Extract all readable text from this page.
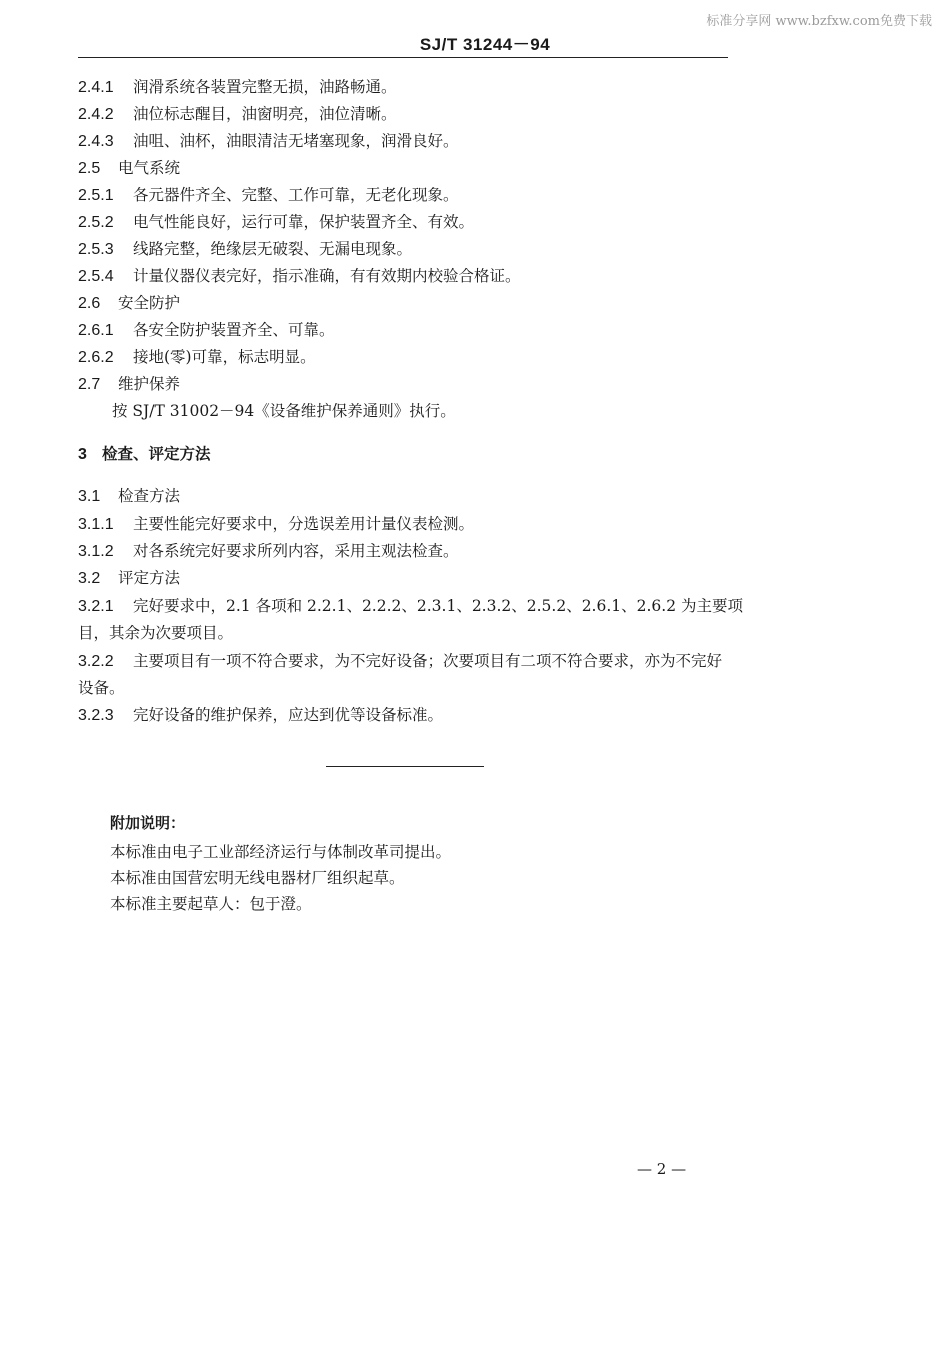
标准分享网 www.bzfxw.com免费下载
SJ/T 31244－94
2.4.1 润滑系统各装置完整无损，油路畅通。
2.4.2 油位标志醒目，油窗明亮，油位清晰。
2.4.3 油咀、油杯，油眼清洁无堵塞现象，润滑良好。
2.5 电气系统
2.5.1 各元器件齐全、完整、工作可靠，无老化现象。
2.5.2 电气性能良好，运行可靠，保护装置齐全、有效。
2.5.3 线路完整，绝缘层无破裂、无漏电现象。
2.5.4 计量仪器仪表完好，指示准确，有有效期内校验合格证。
2.6 安全防护
2.6.1 各安全防护装置齐全、可靠。
2.6.2 接地(零)可靠，标志明显。
2.7 维护保养
按 SJ/T 31002－94《设备维护保养通则》执行。
3 检查、评定方法
3.1 检查方法
3.1.1 主要性能完好要求中，分选误差用计量仪表检测。
3.1.2 对各系统完好要求所列内容，采用主观法检查。
3.2 评定方法
3.2.1 完好要求中，2.1 各项和 2.2.1、2.2.2、2.3.1、2.3.2、2.5.2、2.6.1、2.6.2 为主要项
目，其余为次要项目。
3.2.2 主要项目有一项不符合要求，为不完好设备；次要项目有二项不符合要求，亦为不完好
设备。
3.2.3 完好设备的维护保养，应达到优等设备标准。
附加说明：
本标准由电子工业部经济运行与体制改革司提出。
本标准由国营宏明无线电器材厂组织起草。
本标准主要起草人：包于澄。
— 2 —
